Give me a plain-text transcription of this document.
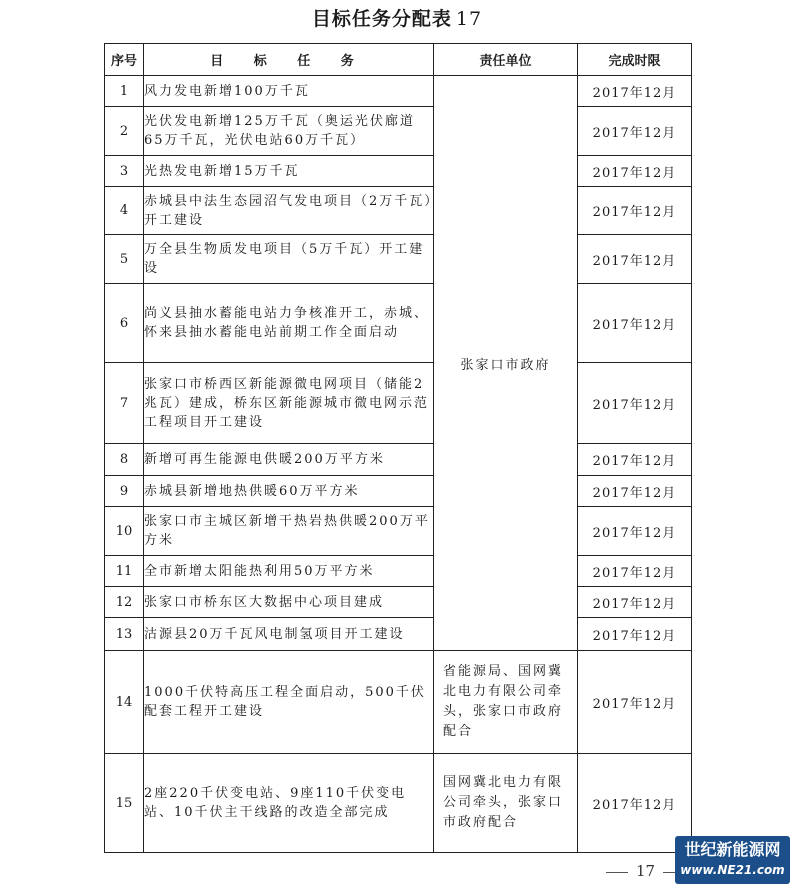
目标任务分配表 17
序号	目 标 任 务	责任单位	完成时限
1	风力发电新增100万千瓦	张家口市政府	2017年12月
2	光伏发电新增125万千瓦（奥运光伏廊道65万千瓦，光伏电站60万千瓦）		2017年12月
3	光热发电新增15万千瓦		2017年12月
4	赤城县中法生态园沼气发电项目（2万千瓦）开工建设		2017年12月
5	万全县生物质发电项目（5万千瓦）开工建设		2017年12月
6	尚义县抽水蓄能电站力争核准开工，赤城、怀来县抽水蓄能电站前期工作全面启动		2017年12月
7	张家口市桥西区新能源微电网项目（储能2兆瓦）建成，桥东区新能源城市微电网示范工程项目开工建设		2017年12月
8	新增可再生能源电供暖200万平方米		2017年12月
9	赤城县新增地热供暖60万平方米		2017年12月
10	张家口市主城区新增干热岩热供暖200万平方米		2017年12月
11	全市新增太阳能热利用50万平方米		2017年12月
12	张家口市桥东区大数据中心项目建成		2017年12月
13	沽源县20万千瓦风电制氢项目开工建设		2017年12月
14	1000千伏特高压工程全面启动，500千伏配套工程开工建设	省能源局、国网冀北电力有限公司牵头，张家口市政府配合	2017年12月
15	2座220千伏变电站、9座110千伏变电站、10千伏主干线路的改造全部完成	国网冀北电力有限公司牵头，张家口市政府配合	2017年12月
17
世纪新能源网
www.NE21.com
